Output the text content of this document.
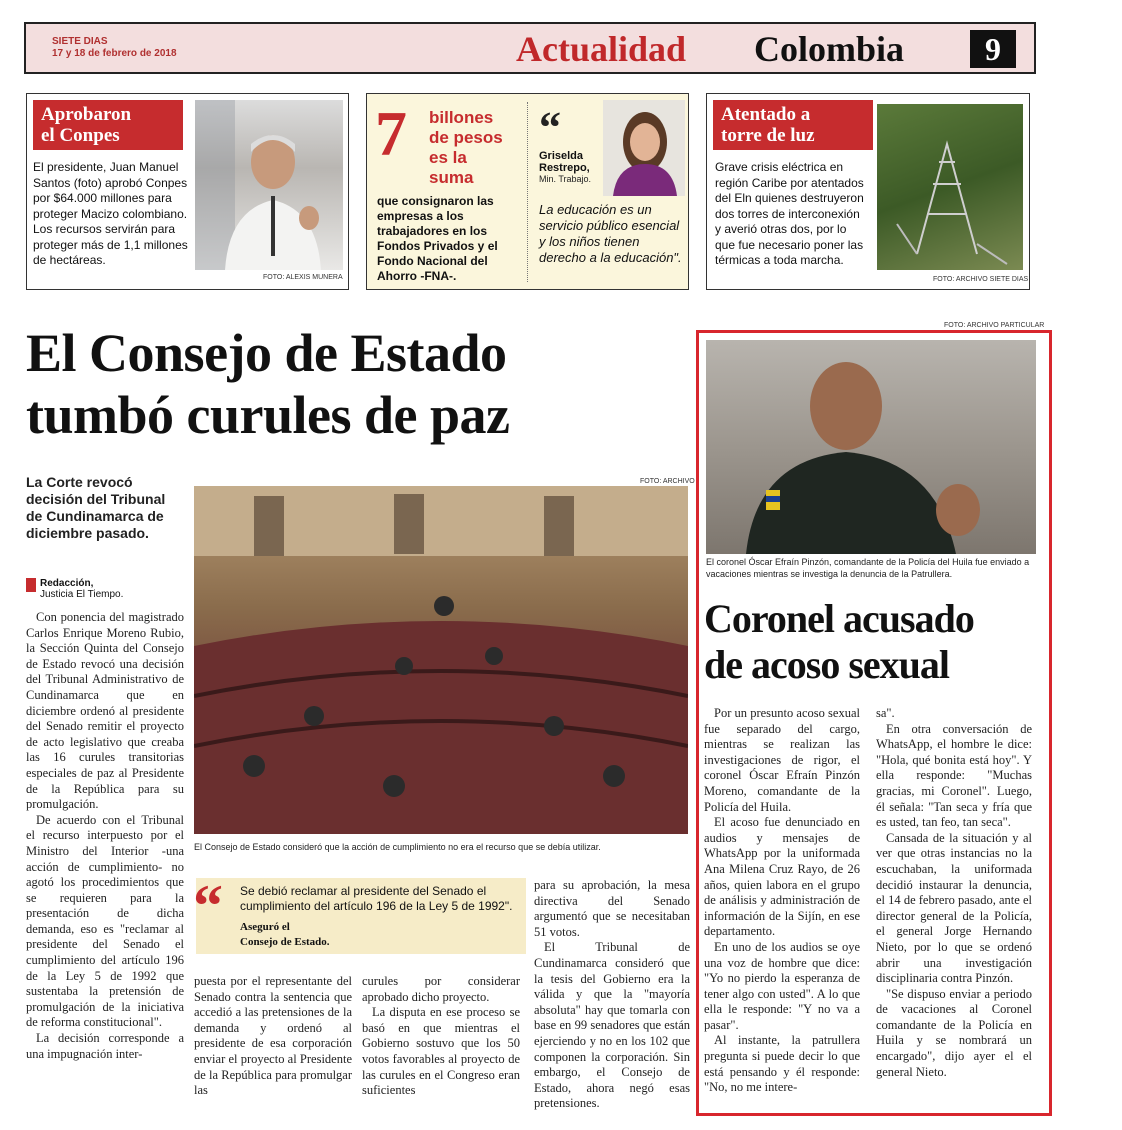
SIETE DIAS
17 y 18 de febrero de 2018	Actualidad Colombia	9
Aprobaron
el Conpes
El presidente, Juan Manuel Santos (foto) aprobó Conpes por $64.000 millones para proteger Macizo colombiano. Los recursos servirán para proteger más de 1,1 millones de hectáreas.
FOTO: ALEXIS MUNERA
7 billones
de pesos
es la
suma
que consignaron las empresas a los trabajadores en los Fondos Privados y el Fondo Nacional del Ahorro -FNA-.
“
Griselda
Restrepo,
Min. Trabajo.
La educación es un servicio público esencial y los niños tienen derecho a la educación".
Atentado a
torre de luz
Grave crisis eléctrica en región Caribe por atentados del Eln quienes destruyeron dos torres de interconexión y averió otras dos, por lo que fue necesario poner las térmicas a toda marcha.
FOTO: ARCHIVO SIETE DIAS
El Consejo de Estado
tumbó curules de paz
La Corte revocó decisión del Tribunal de Cundinamarca de diciembre pasado.
Redacción,
Justicia El Tiempo.
FOTO: ARCHIVO
El Consejo de Estado consideró que la acción de cumplimiento no era el recurso que se debía utilizar.

Con ponencia del magistrado Carlos Enrique Moreno Rubio, la Sección Quinta del Consejo de Estado revocó una decisión del Tribunal Administrativo de Cundinamarca que en diciembre ordenó al presidente del Senado remitir el proyecto de acto legislativo que creaba las 16 curules transitorias especiales de paz al Presidente de la República para su promulgación.

De acuerdo con el Tribunal el recurso interpuesto por el Ministro del Interior -una acción de cumplimiento- no agotó los procedimientos que se requieren para la presentación de dicha demanda, eso es "reclamar al presidente del Senado el cumplimiento del artículo 196 de la Ley 5 de 1992 que sustentaba la pretensión de promulgación de la iniciativa de reforma constitucional".

La decisión corresponde a una impugnación inter-

“ Se debió reclamar al presidente del Senado el cumplimiento del artículo 196 de la Ley 5 de 1992".
Aseguró el
Consejo de Estado.

puesta por el representante del Senado contra la sentencia que accedió a las pretensiones de la demanda y ordenó al presidente de esa corporación enviar el proyecto al Presidente de la República para promulgar las

curules por considerar aprobado dicho proyecto.

La disputa en ese proceso se basó en que mientras el Gobierno sostuvo que los 50 votos favorables al proyecto de las curules en el Congreso eran suficientes

para su aprobación, la mesa directiva del Senado argumentó que se necesitaban 51 votos.

El Tribunal de Cundinamarca consideró que la tesis del Gobierno era la válida y que la "mayoría absoluta" hay que tomarla con base en 99 senadores que están ejerciendo y no en los 102 que componen la corporación. Sin embargo, el Consejo de Estado, ahora negó esas pretensiones.

FOTO: ARCHIVO PARTICULAR
El coronel Óscar Efraín Pinzón, comandante de la Policía del Huila fue enviado a vacaciones mientras se investiga la denuncia de la Patrullera.
Coronel acusado
de acoso sexual

Por un presunto acoso sexual fue separado del cargo, mientras se realizan las investigaciones de rigor, el coronel Óscar Efraín Pinzón Moreno, comandante de la Policía del Huila.

El acoso fue denunciado en audios y mensajes de WhatsApp por la uniformada Ana Milena Cruz Rayo, de 26 años, quien labora en el grupo de análisis y administración de información de la Sijín, en ese departamento.

En uno de los audios se oye una voz de hombre que dice: "Yo no pierdo la esperanza de tener algo con usted". A lo que ella le responde: "Y no va a pasar".

Al instante, la patrullera pregunta si puede decir lo que está pensando y él responde: "No, no me intere-

sa".

En otra conversación de WhatsApp, el hombre le dice: "Hola, qué bonita está hoy". Y ella responde: "Muchas gracias, mi Coronel". Luego, él señala: "Tan seca y fría que es usted, tan feo, tan seca".

Cansada de la situación y al ver que otras instancias no la escuchaban, la uniformada decidió instaurar la denuncia, el 14 de febrero pasado, ante el director general de la Policía, el general Jorge Hernando Nieto, por lo que se ordenó abrir una investigación disciplinaria contra Pinzón.

"Se dispuso enviar a periodo de vacaciones al Coronel comandante de la Policía en Huila y se nombrará un encargado", dijo ayer el el general Nieto.
